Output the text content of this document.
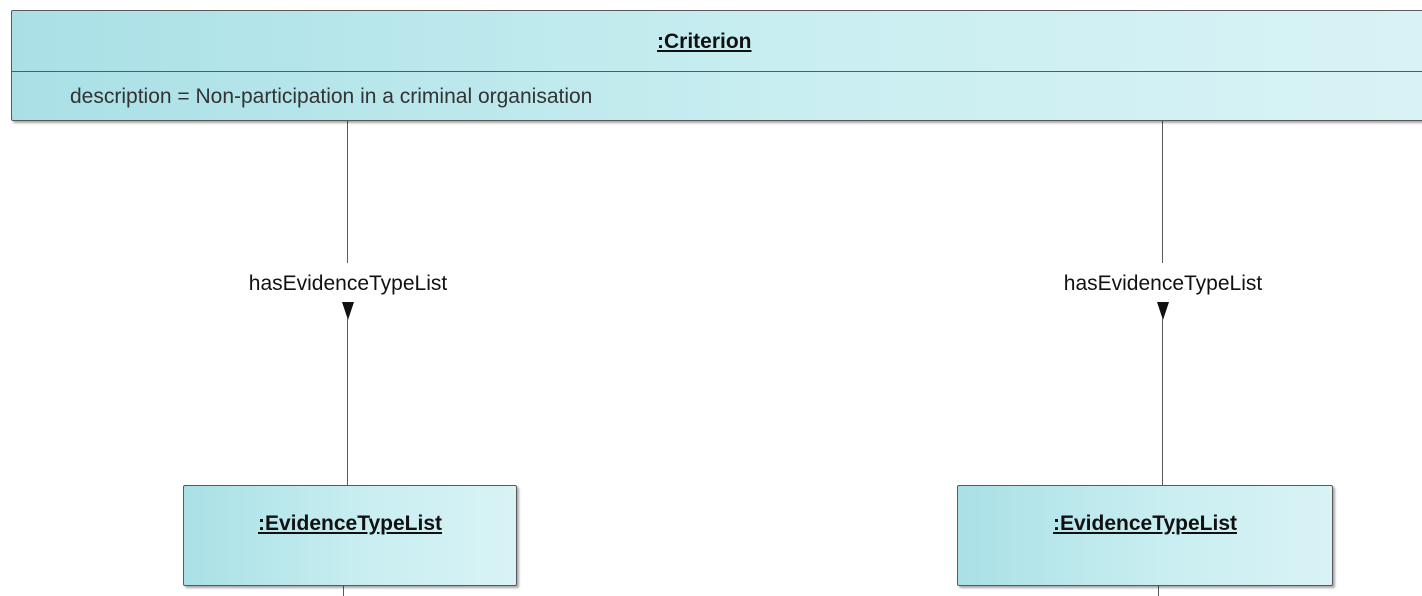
hasEvidenceTypeList	hasEvidenceTypeList
:Criterion
description = Non-participation in a criminal organisation
:EvidenceTypeList	:EvidenceTypeList
